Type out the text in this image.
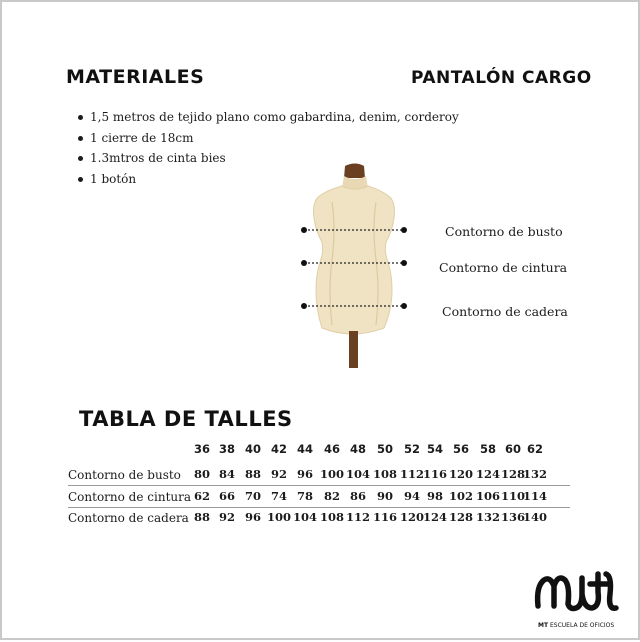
MATERIALES	PANTALÓN CARGO
1,5 metros de tejido plano como gabardina, denim, corderoy
1 cierre de 18cm
1.3mtros de cinta bies
1 botón
Contorno de busto
Contorno de cintura
Contorno de cadera
TABLA DE TALLES
36 38 40 42 44 46 48 50 52 54 56 58 60 62
Contorno de busto 80 84 88 92 96 100 104 108 112
116 120 124 128
132
Contorno de cintura 62 66 70 74 78 82 86 90 94 98 102 106 110
114
Contorno de cadera 88 92 96 100 104 108 112 116 120
124 128 132 136
140
MT ESCUELA DE OFICIOS
